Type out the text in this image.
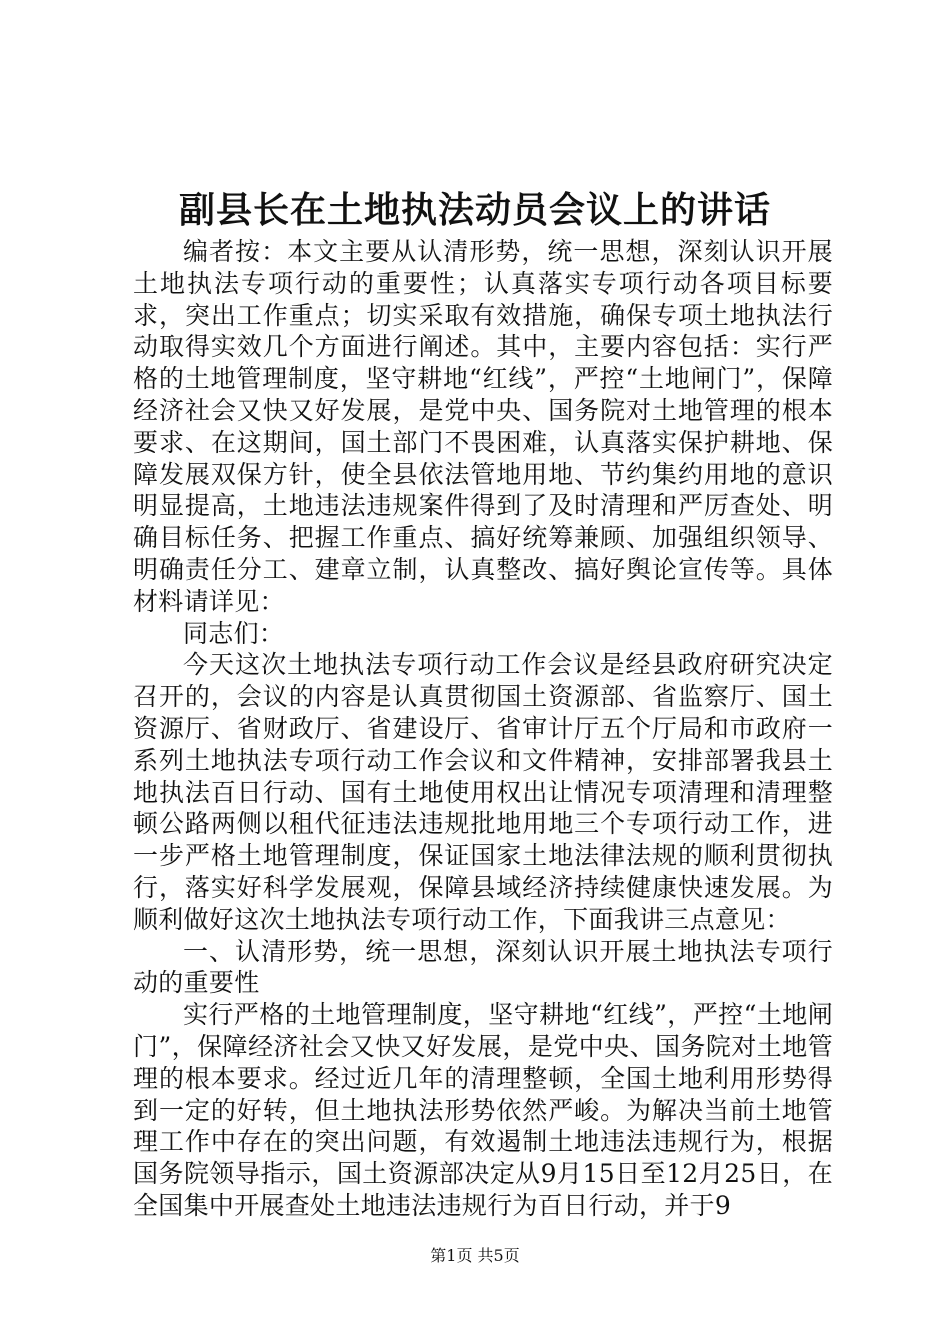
副县长在土地执法动员会议上的讲话

编者按：本文主要从认清形势，统一思想，深刻认识开展土地执法专项行动的重要性；认真落实专项行动各项目标要求，突出工作重点；切实采取有效措施，确保专项土地执法行动取得实效几个方面进行阐述。其中，主要内容包括：实行严格的土地管理制度，坚守耕地“红线”，严控“土地闸门”，保障经济社会又快又好发展，是党中央、国务院对土地管理的根本要求、在这期间，国土部门不畏困难，认真落实保护耕地、保障发展双保方针，使全县依法管地用地、节约集约用地的意识明显提高，土地违法违规案件得到了及时清理和严厉查处、明确目标任务、把握工作重点、搞好统筹兼顾、加强组织领导、明确责任分工、建章立制，认真整改、搞好舆论宣传等。具体材料请详见：

同志们：

今天这次土地执法专项行动工作会议是经县政府研究决定召开的，会议的内容是认真贯彻国土资源部、省监察厅、国土资源厅、省财政厅、省建设厅、省审计厅五个厅局和市政府一系列土地执法专项行动工作会议和文件精神，安排部署我县土地执法百日行动、国有土地使用权出让情况专项清理和清理整顿公路两侧以租代征违法违规批地用地三个专项行动工作，进一步严格土地管理制度，保证国家土地法律法规的顺利贯彻执行，落实好科学发展观，保障县域经济持续健康快速发展。为顺利做好这次土地执法专项行动工作，下面我讲三点意见：

一、认清形势，统一思想，深刻认识开展土地执法专项行动的重要性

实行严格的土地管理制度，坚守耕地“红线”，严控“土地闸门”，保障经济社会又快又好发展，是党中央、国务院对土地管理的根本要求。经过近几年的清理整顿，全国土地利用形势得到一定的好转，但土地执法形势依然严峻。为解决当前土地管理工作中存在的突出问题，有效遏制土地违法违规行为，根据国务院领导指示，国土资源部决定从9月15日至12月25日，在全国集中开展查处土地违法违规行为百日行动，并于9

第1页 共5页
